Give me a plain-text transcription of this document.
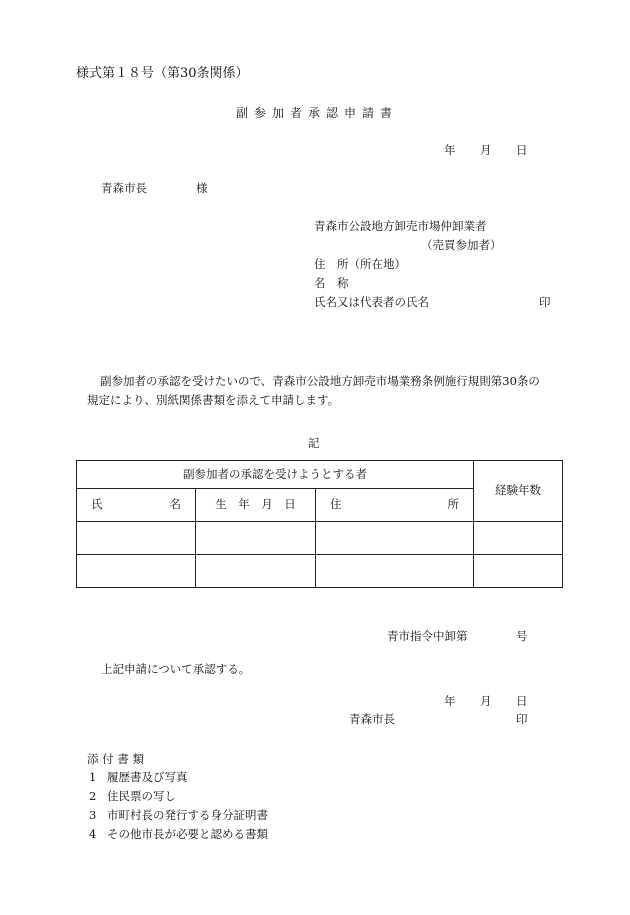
様式第１８号（第30条関係）
副参加者承認申請書
年 月 日
青森市長	様
青森市公設地方卸売市場仲卸業者
（売買参加者）
住　所（所在地）
名　称
氏名又は代表者の氏名	印
副参加者の承認を受けたいので、青森市公設地方卸売市場業務条例施行規則第30条の
規定により、別紙関係書類を添えて申請します。
記
副参加者の承認を受けようとする者			経験年数

氏 名	生　年　月　日	住 所	

青市指令中卸第	号
上記申請について承認する。
年 月 日
青森市長	印
添 付 書 類
1 履歴書及び写真
2 住民票の写し
3 市町村長の発行する身分証明書
4 その他市長が必要と認める書類
